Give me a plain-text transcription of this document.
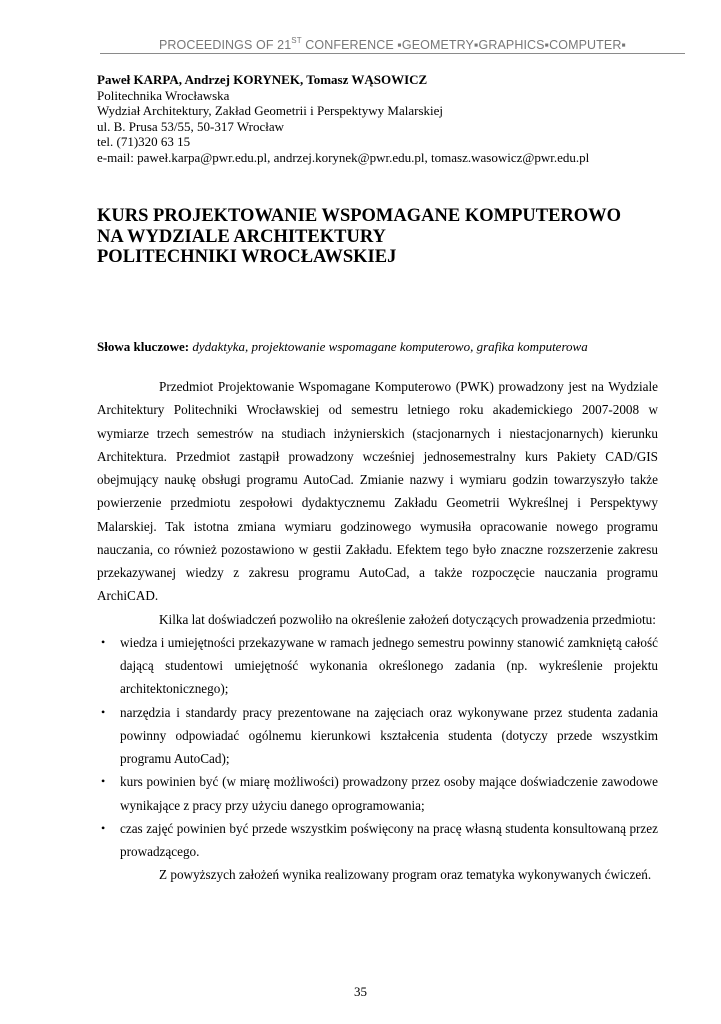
PROCEEDINGS OF 21ST CONFERENCE ▪GEOMETRY▪GRAPHICS▪COMPUTER▪
Paweł KARPA, Andrzej KORYNEK, Tomasz WĄSOWICZ
Politechnika Wrocławska
Wydział Architektury, Zakład Geometrii i Perspektywy Malarskiej
ul. B. Prusa 53/55, 50-317 Wrocław
tel. (71)320 63 15
e-mail: paweł.karpa@pwr.edu.pl, andrzej.korynek@pwr.edu.pl, tomasz.wasowicz@pwr.edu.pl
KURS PROJEKTOWANIE WSPOMAGANE KOMPUTEROWO
NA WYDZIALE ARCHITEKTURY
POLITECHNIKI WROCŁAWSKIEJ
Słowa kluczowe: dydaktyka, projektowanie wspomagane komputerowo, grafika komputerowa

Przedmiot Projektowanie Wspomagane Komputerowo (PWK) prowadzony jest na Wydziale Architektury Politechniki Wrocławskiej od semestru letniego roku akademickiego 2007-2008 w wymiarze trzech semestrów na studiach inżynierskich (stacjonarnych i niestacjonarnych) kierunku Architektura. Przedmiot zastąpił prowadzony wcześniej jednosemestralny kurs Pakiety CAD/GIS obejmujący naukę obsługi programu AutoCad. Zmianie nazwy i wymiaru godzin towarzyszyło także powierzenie przedmiotu zespołowi dydaktycznemu Zakładu Geometrii Wykreślnej i Perspektywy Malarskiej. Tak istotna zmiana wymiaru godzinowego wymusiła opracowanie nowego programu nauczania, co również pozostawiono w gestii Zakładu. Efektem tego było znaczne rozszerzenie zakresu przekazywanej wiedzy z zakresu programu AutoCad, a także rozpoczęcie nauczania programu ArchiCAD.

Kilka lat doświadczeń pozwoliło na określenie założeń dotyczących prowadzenia przedmiotu:

• wiedza i umiejętności przekazywane w ramach jednego semestru powinny stanowić zamkniętą całość dającą studentowi umiejętność wykonania określonego zadania (np. wykreślenie projektu architektonicznego);
• narzędzia i standardy pracy prezentowane na zajęciach oraz wykonywane przez studenta zadania powinny odpowiadać ogólnemu kierunkowi kształcenia studenta (dotyczy przede wszystkim programu AutoCad);
• kurs powinien być (w miarę możliwości) prowadzony przez osoby mające doświadczenie zawodowe wynikające z pracy przy użyciu danego oprogramowania;
• czas zajęć powinien być przede wszystkim poświęcony na pracę własną studenta konsultowaną przez prowadzącego.

Z powyższych założeń wynika realizowany program oraz tematyka wykonywanych ćwiczeń.

35
